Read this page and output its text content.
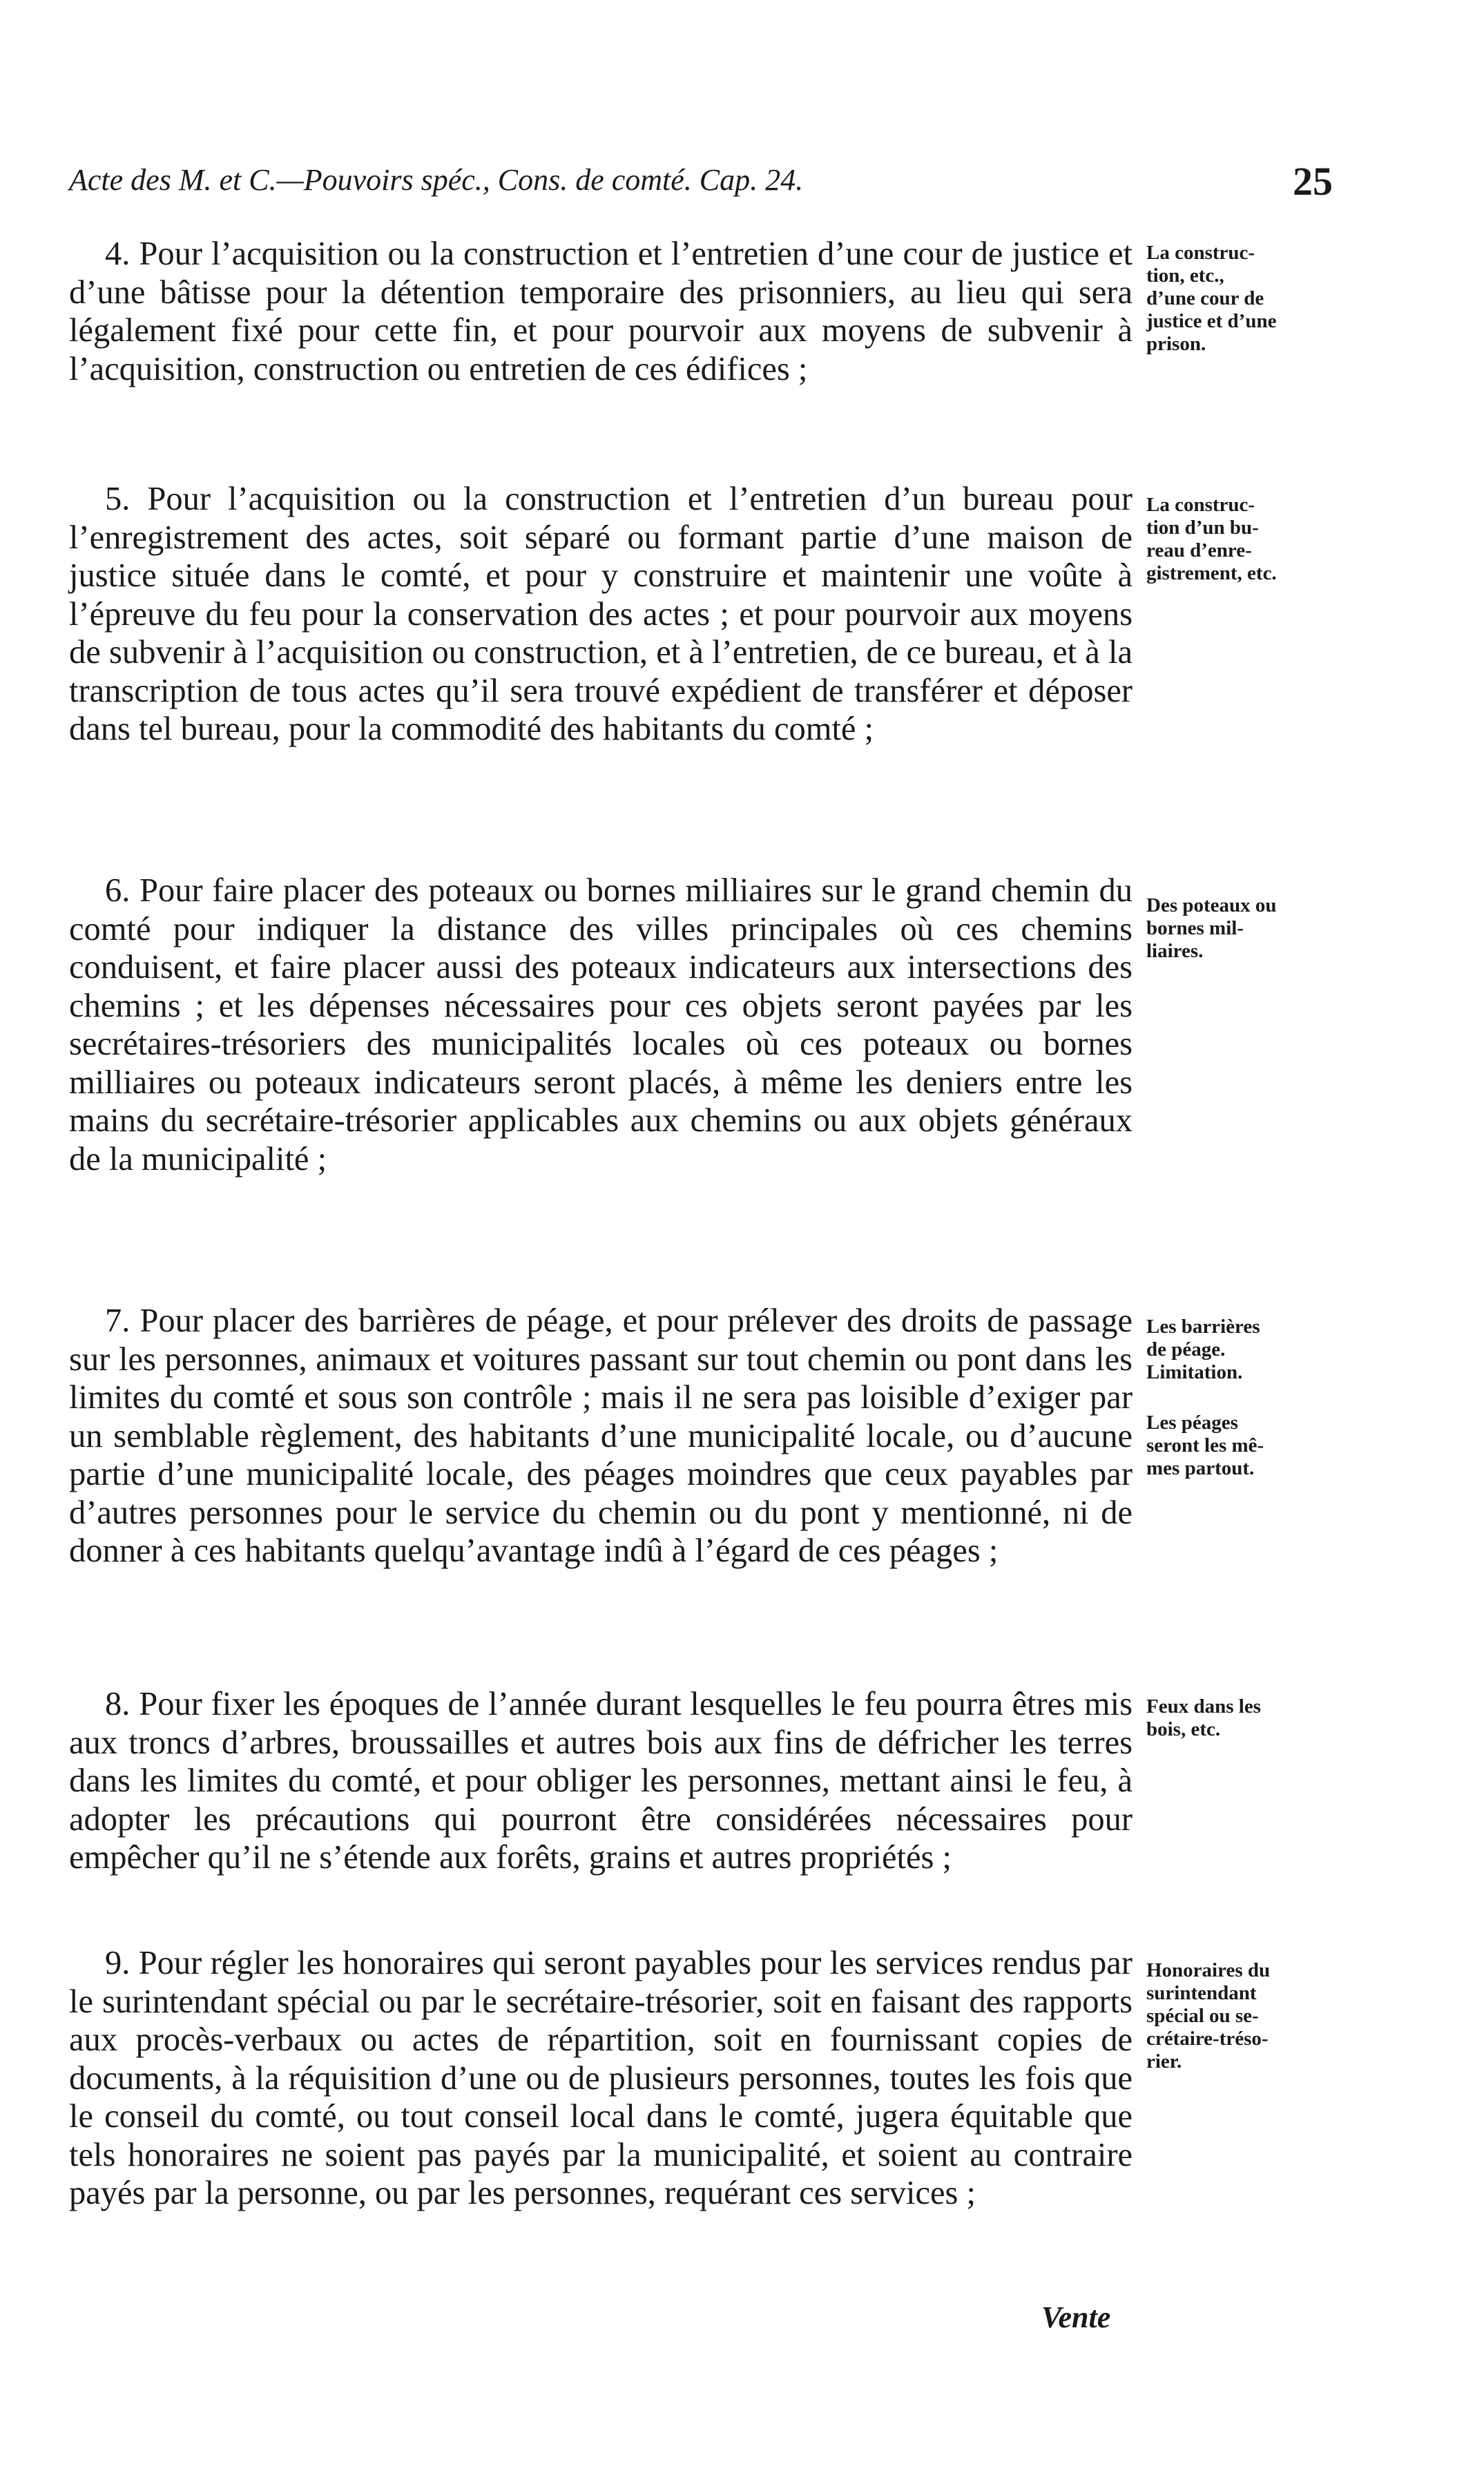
Acte des M. et C.—Pouvoirs spéc., Cons. de comté. Cap. 24.	25

4. Pour l’acquisition ou la construction et l’entretien d’une cour de justice et d’une bâtisse pour la détention temporaire des prisonniers, au lieu qui sera légalement fixé pour cette fin, et pour pourvoir aux moyens de subvenir à l’acquisition, construction ou entretien de ces édifices ;

La construc-
tion, etc.,
d’une cour de
justice et d’une
prison.

5. Pour l’acquisition ou la construction et l’entretien d’un bureau pour l’enregistrement des actes, soit séparé ou formant partie d’une maison de justice située dans le comté, et pour y construire et maintenir une voûte à l’épreuve du feu pour la conservation des actes ; et pour pourvoir aux moyens de subvenir à l’acquisition ou construction, et à l’entretien, de ce bureau, et à la transcription de tous actes qu’il sera trouvé expédient de transférer et déposer dans tel bureau, pour la commodité des habitants du comté ;

La construc-
tion d’un bu-
reau d’enre-
gistrement, etc.

6. Pour faire placer des poteaux ou bornes milliaires sur le grand chemin du comté pour indiquer la distance des villes principales où ces chemins conduisent, et faire placer aussi des poteaux indicateurs aux intersections des chemins ; et les dépenses nécessaires pour ces objets seront payées par les secrétaires-trésoriers des municipalités locales où ces poteaux ou bornes milliaires ou poteaux indicateurs seront placés, à même les deniers entre les mains du secrétaire-trésorier applicables aux chemins ou aux objets généraux de la municipalité ;

Des poteaux ou
bornes mil-
liaires.

7. Pour placer des barrières de péage, et pour prélever des droits de passage sur les personnes, animaux et voitures passant sur tout chemin ou pont dans les limites du comté et sous son contrôle ; mais il ne sera pas loisible d’exiger par un semblable règlement, des habitants d’une municipalité locale, ou d’aucune partie d’une municipalité locale, des péages moindres que ceux payables par d’autres personnes pour le service du chemin ou du pont y mentionné, ni de donner à ces habitants quelqu’avantage indû à l’égard de ces péages ;

Les barrières
de péage.
Limitation.
Les péages
seront les mê-
mes partout.

8. Pour fixer les époques de l’année durant lesquelles le feu pourra êtres mis aux troncs d’arbres, broussailles et autres bois aux fins de défricher les terres dans les limites du comté, et pour obliger les personnes, mettant ainsi le feu, à adopter les précautions qui pourront être considérées nécessaires pour empêcher qu’il ne s’étende aux forêts, grains et autres propriétés ;

Feux dans les
bois, etc.

9. Pour régler les honoraires qui seront payables pour les services rendus par le surintendant spécial ou par le secrétaire-trésorier, soit en faisant des rapports aux procès-verbaux ou actes de répartition, soit en fournissant copies de documents, à la réquisition d’une ou de plusieurs personnes, toutes les fois que le conseil du comté, ou tout conseil local dans le comté, jugera équitable que tels honoraires ne soient pas payés par la municipalité, et soient au contraire payés par la personne, ou par les personnes, requérant ces services ;

Honoraires du
surintendant
spécial ou se-
crétaire-tréso-
rier.
Vente
